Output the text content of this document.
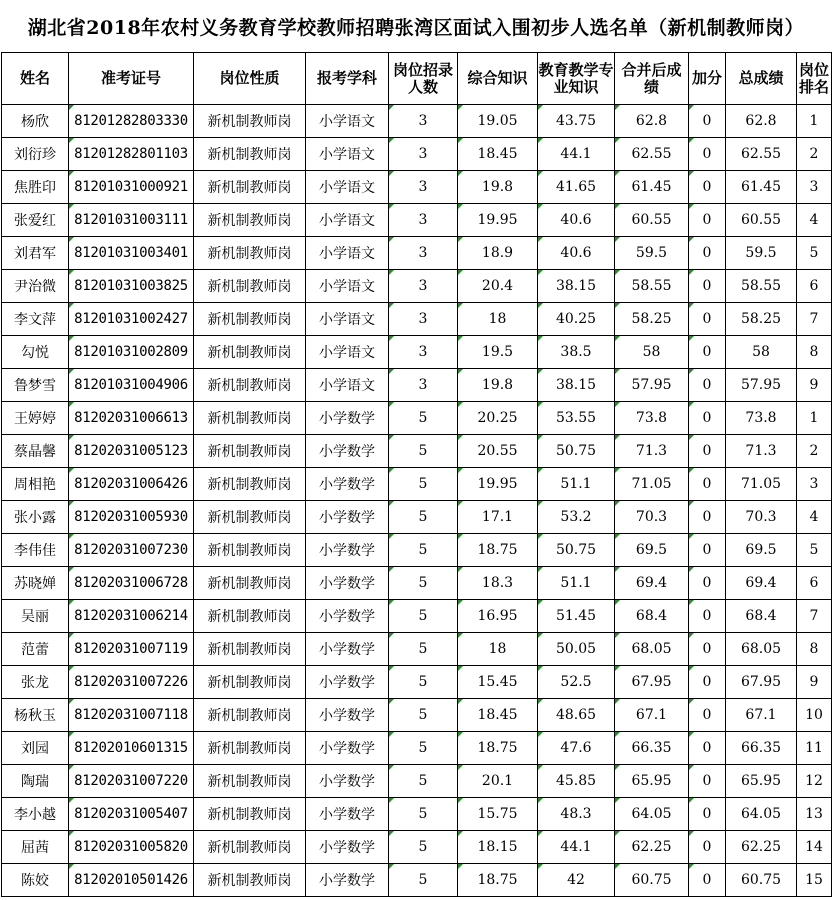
湖北省2018年农村义务教育学校教师招聘张湾区面试入围初步人选名单（新机制教师岗）
姓名	准考证号	岗位性质	报考学科	岗位招录人数	综合知识	教育教学专业知识	合并后成绩	加分	总成绩	岗位排名
杨欣	81201282803330	新机制教师岗	小学语文	3	19.05	43.75	62.8	0	62.8	1
刘衍珍	81201282801103	新机制教师岗	小学语文	3	18.45	44.1	62.55	0	62.55	2
焦胜印	81201031000921	新机制教师岗	小学语文	3	19.8	41.65	61.45	0	61.45	3
张爱红	81201031003111	新机制教师岗	小学语文	3	19.95	40.6	60.55	0	60.55	4
刘君军	81201031003401	新机制教师岗	小学语文	3	18.9	40.6	59.5	0	59.5	5
尹治微	81201031003825	新机制教师岗	小学语文	3	20.4	38.15	58.55	0	58.55	6
李文萍	81201031002427	新机制教师岗	小学语文	3	18	40.25	58.25	0	58.25	7
勾悦	81201031002809	新机制教师岗	小学语文	3	19.5	38.5	58	0	58	8
鲁梦雪	81201031004906	新机制教师岗	小学语文	3	19.8	38.15	57.95	0	57.95	9
王婷婷	81202031006613	新机制教师岗	小学数学	5	20.25	53.55	73.8	0	73.8	1
蔡晶馨	81202031005123	新机制教师岗	小学数学	5	20.55	50.75	71.3	0	71.3	2
周相艳	81202031006426	新机制教师岗	小学数学	5	19.95	51.1	71.05	0	71.05	3
张小露	81202031005930	新机制教师岗	小学数学	5	17.1	53.2	70.3	0	70.3	4
李伟佳	81202031007230	新机制教师岗	小学数学	5	18.75	50.75	69.5	0	69.5	5
苏晓婵	81202031006728	新机制教师岗	小学数学	5	18.3	51.1	69.4	0	69.4	6
吴丽	81202031006214	新机制教师岗	小学数学	5	16.95	51.45	68.4	0	68.4	7
范蕾	81202031007119	新机制教师岗	小学数学	5	18	50.05	68.05	0	68.05	8
张龙	81202031007226	新机制教师岗	小学数学	5	15.45	52.5	67.95	0	67.95	9
杨秋玉	81202031007118	新机制教师岗	小学数学	5	18.45	48.65	67.1	0	67.1	10
刘园	81202010601315	新机制教师岗	小学数学	5	18.75	47.6	66.35	0	66.35	11
陶瑞	81202031007220	新机制教师岗	小学数学	5	20.1	45.85	65.95	0	65.95	12
李小越	81202031005407	新机制教师岗	小学数学	5	15.75	48.3	64.05	0	64.05	13
屈茜	81202031005820	新机制教师岗	小学数学	5	18.15	44.1	62.25	0	62.25	14
陈姣	81202010501426	新机制教师岗	小学数学	5	18.75	42	60.75	0	60.75	15
